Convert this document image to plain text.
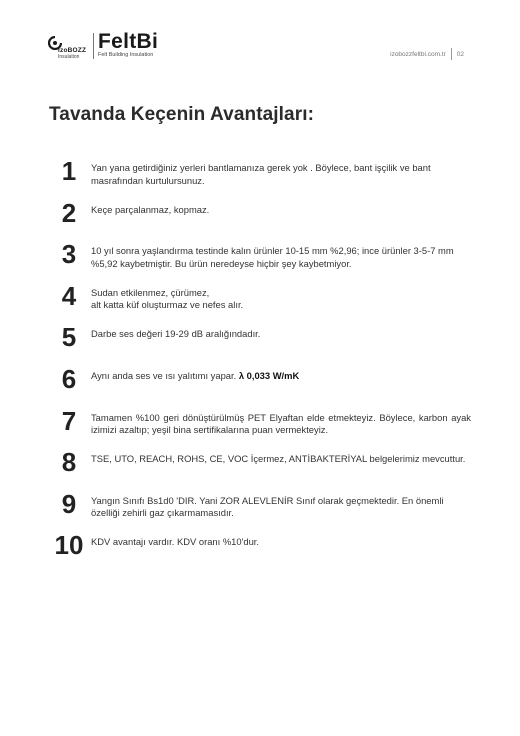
izoBOZZ
Insulation
FeltBi
Felt Building Insulation	izobozzfeltbi.com.tr 02
Tavanda Keçenin Avantajları:
1	Yan yana getirdiğiniz yerleri bantlamanıza gerek yok . Böylece, bant işçilik ve bant masrafından kurtulursunuz.
2	Keçe parçalanmaz, kopmaz.
3	10 yıl sonra yaşlandırma testinde kalın ürünler 10-15 mm %2,96; ince ürünler 3-5-7 mm %5,92 kaybetmiştir. Bu ürün neredeyse hiçbir şey kaybetmiyor.
4	Sudan etkilenmez, çürümez,
alt katta küf oluşturmaz ve nefes alır.
5	Darbe ses değeri 19-29 dB aralığındadır.
6	Aynı anda ses ve ısı yalıtımı yapar. λ 0,033 W/mK
7	Tamamen %100 geri dönüştürülmüş PET Elyaftan elde etmekteyiz. Böylece, karbon ayak izimizi azaltıp; yeşil bina sertifikalarına puan vermekteyiz.
8	TSE, UTO, REACH, ROHS, CE, VOC İçermez, ANTİBAKTERİYAL belgelerimiz mevcuttur.
9	Yangın Sınıfı Bs1d0 'DIR. Yani ZOR ALEVLENİR Sınıf olarak geçmektedir. En önemli özelliği zehirli gaz çıkarmamasıdır.
10 KDV avantajı vardır. KDV oranı %10'dur.
